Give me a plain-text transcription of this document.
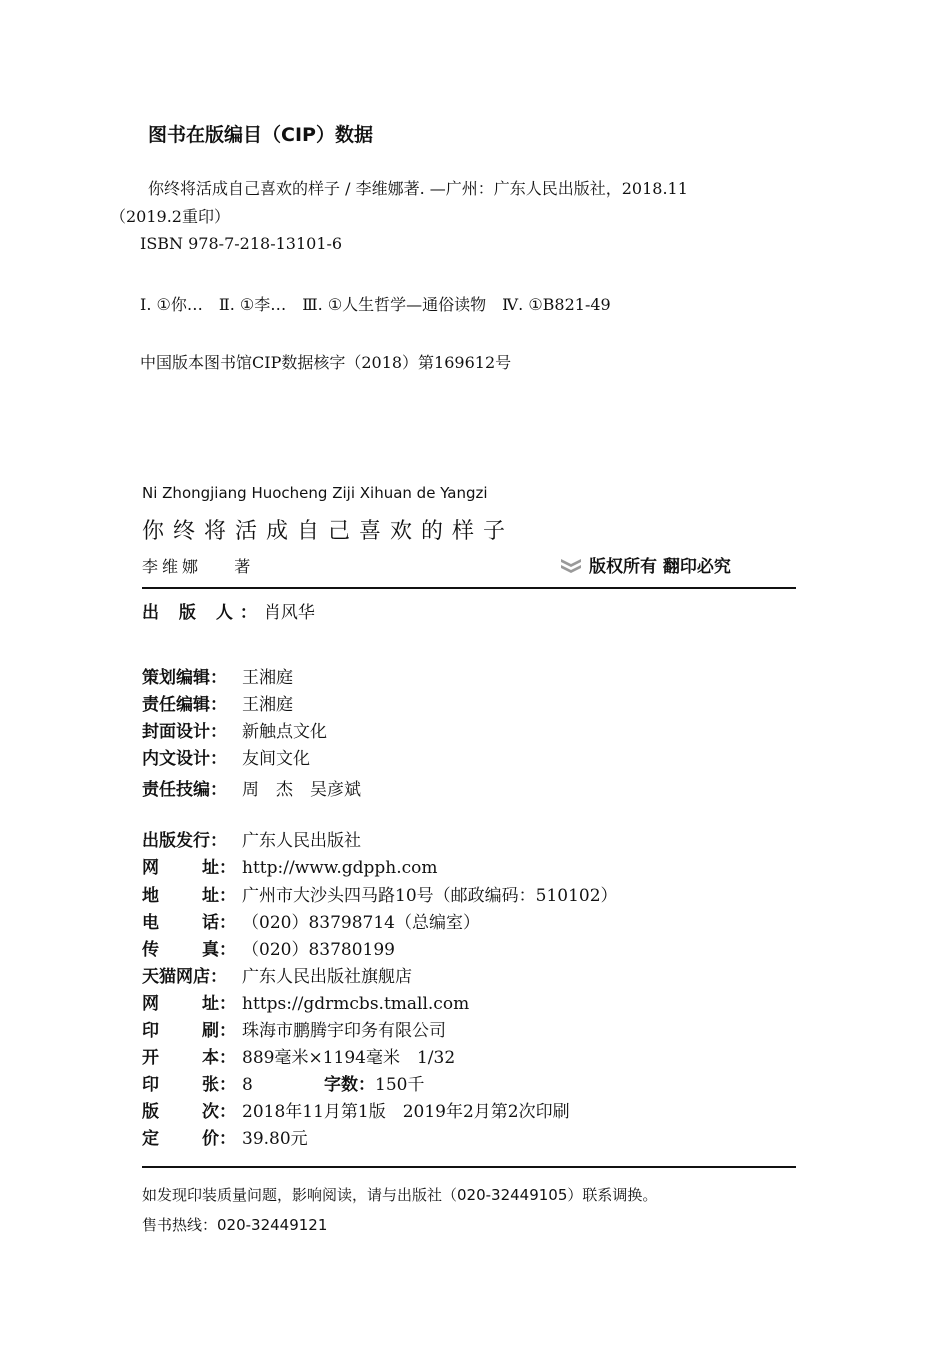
图书在版编目（CIP）数据
你终将活成自己喜欢的样子 / 李维娜著. —广州：广东人民出版社，2018.11
（2019.2重印）
ISBN 978-7-218-13101-6
Ⅰ. ①你…　Ⅱ. ①李…　Ⅲ. ①人生哲学—通俗读物　Ⅳ. ①B821-49
中国版本图书馆CIP数据核字（2018）第169612号
Ni Zhongjiang Huocheng Ziji Xihuan de Yangzi
你终将活成自己喜欢的样子
李维娜 著	版权所有 翻印必究
出 版 人：肖风华
策划编辑： 王湘庭
责任编辑： 王湘庭
封面设计： 新触点文化
内文设计： 友间文化
责任技编： 周　杰　吴彦斌
出版发行： 广东人民出版社
网	址： http://www.gdpph.com
地	址： 广州市大沙头四马路10号（邮政编码：510102）
电	话： （020）83798714（总编室）
传	真： （020）83780199
天猫网店： 广东人民出版社旗舰店
网	址： https://gdrmcbs.tmall.com
印	刷： 珠海市鹏腾宇印务有限公司
开	本： 889毫米×1194毫米　1/32
印	张： 8	字数：150千
版	次： 2018年11月第1版　2019年2月第2次印刷
定	价： 39.80元
如发现印装质量问题，影响阅读，请与出版社（020-32449105）联系调换。
售书热线：020-32449121
